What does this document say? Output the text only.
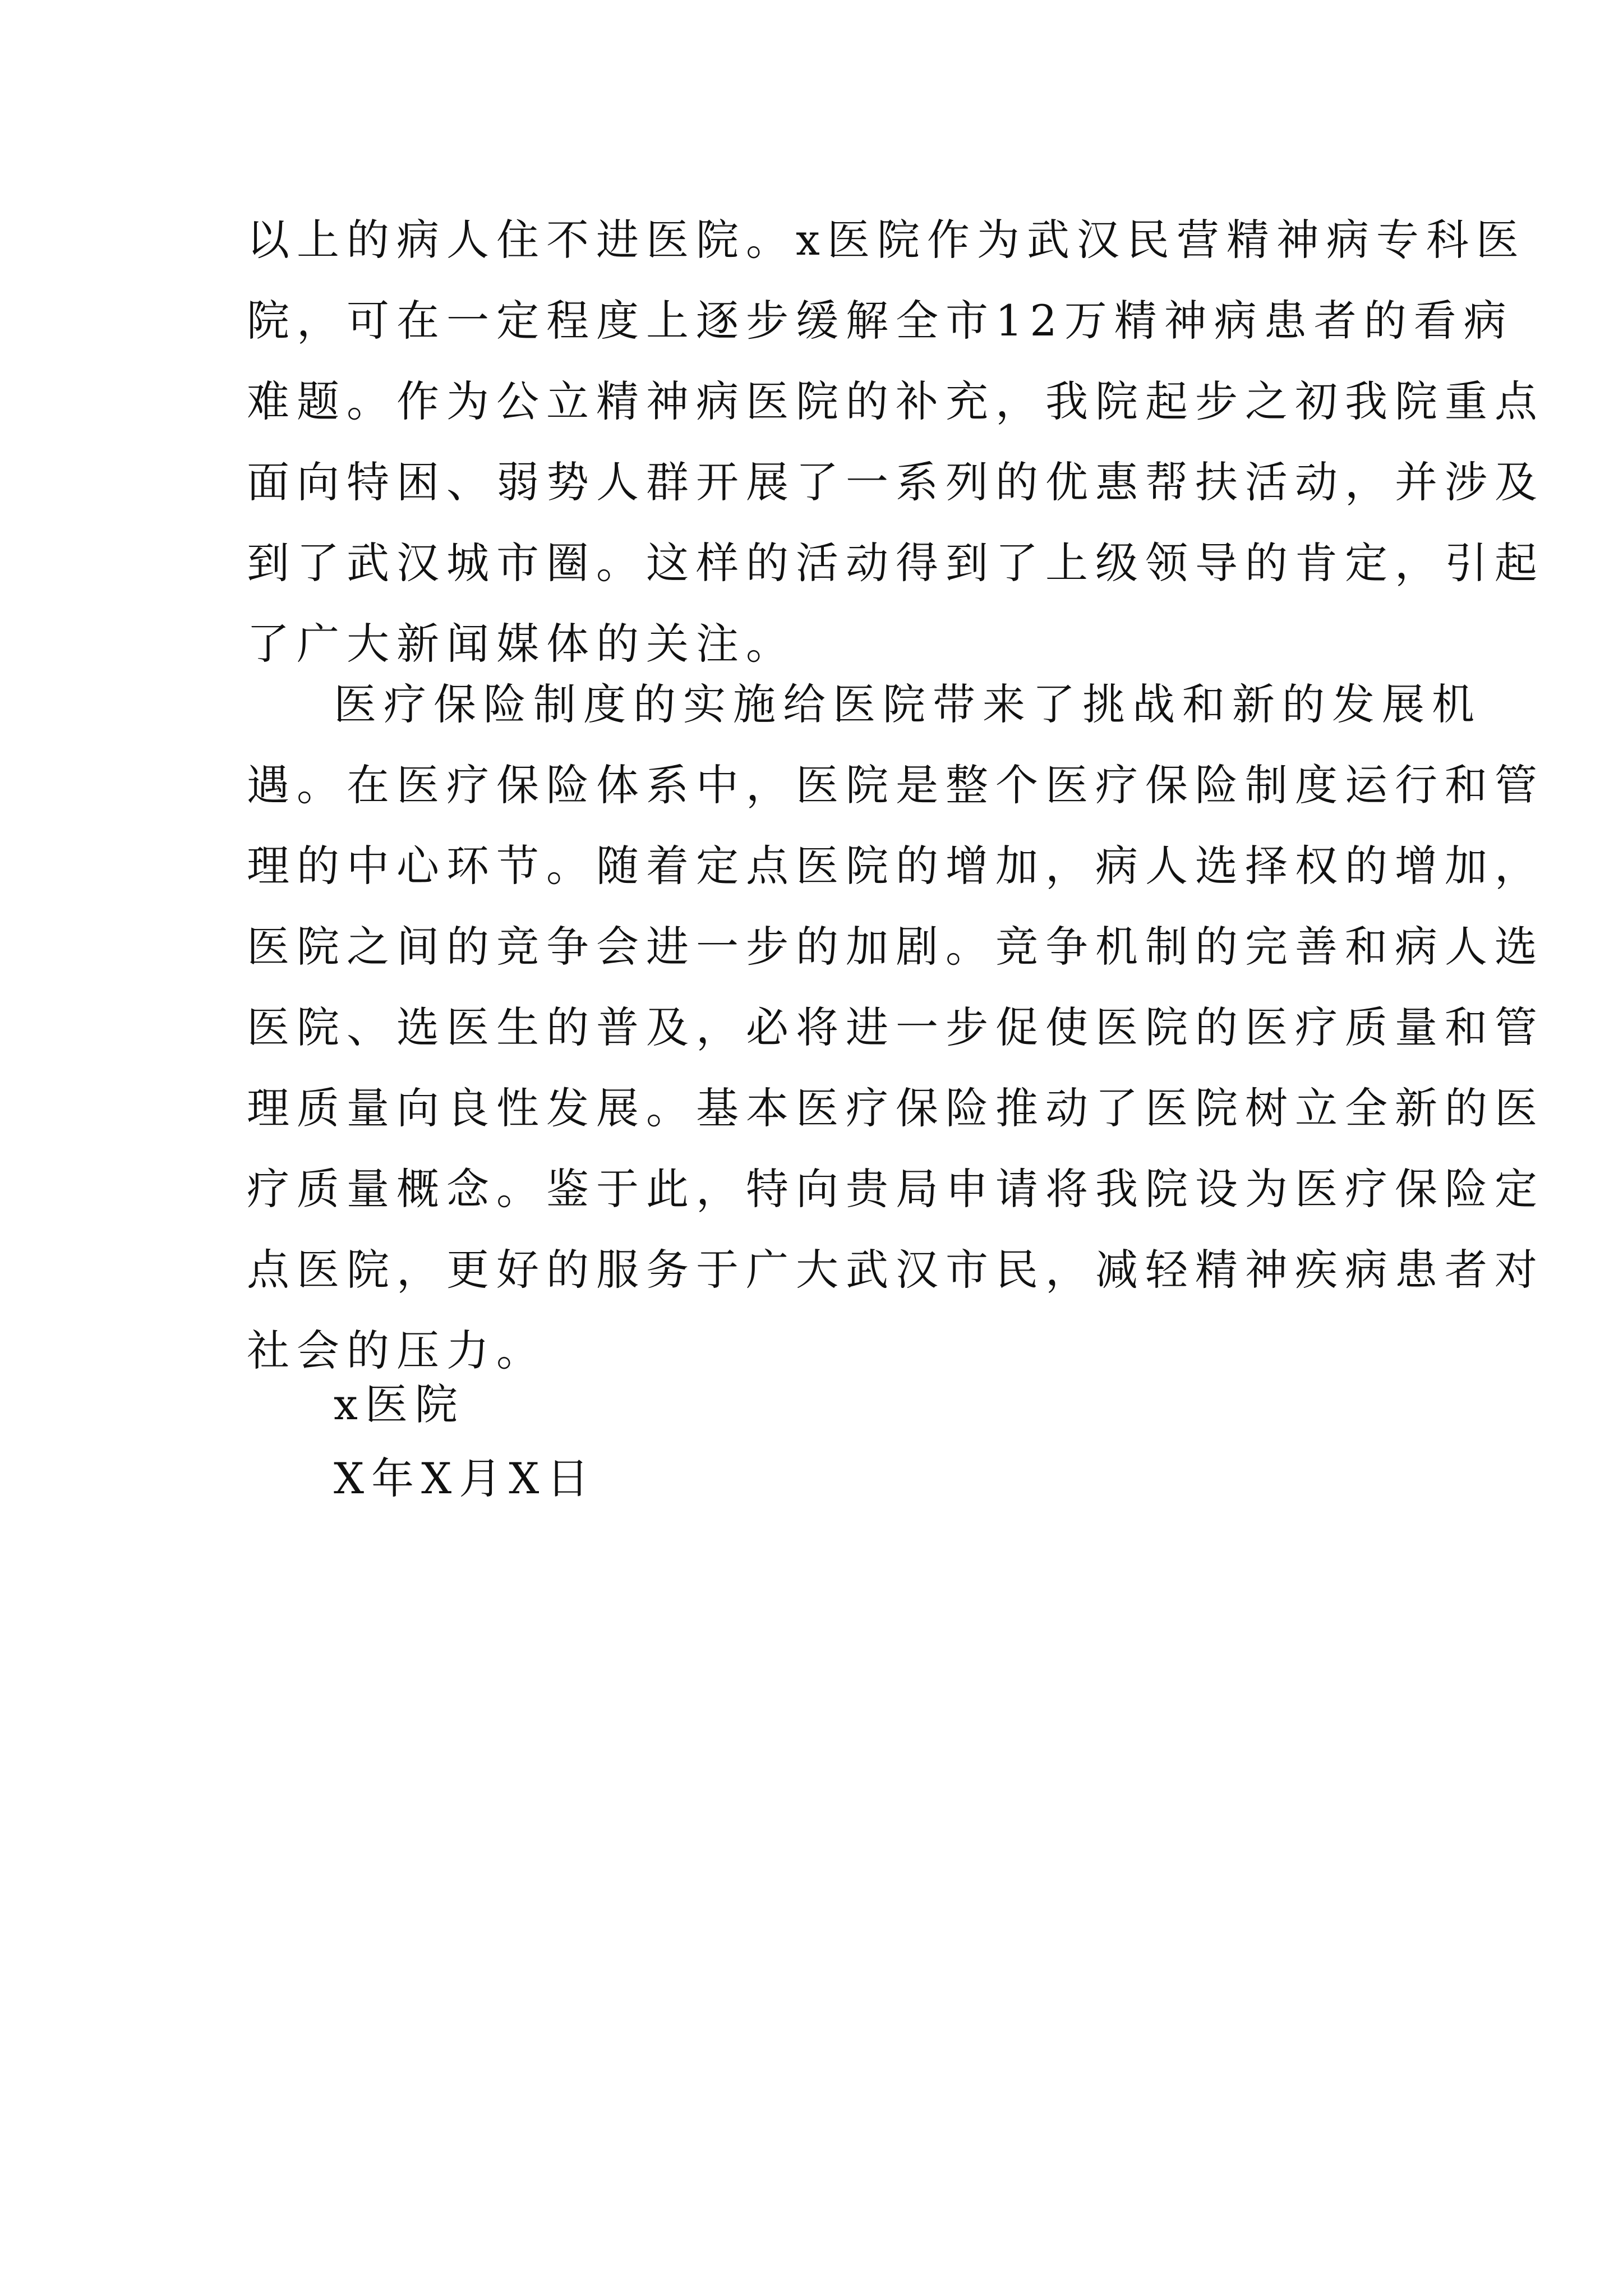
以上的病人住不进医院。x医院作为武汉民营精神病专科医
院，可在一定程度上逐步缓解全市12万精神病患者的看病
难题。作为公立精神病医院的补充，我院起步之初我院重点
面向特困、弱势人群开展了一系列的优惠帮扶活动，并涉及
到了武汉城市圈。这样的活动得到了上级领导的肯定，引起
了广大新闻媒体的关注。
医疗保险制度的实施给医院带来了挑战和新的发展机
遇。在医疗保险体系中，医院是整个医疗保险制度运行和管
理的中心环节。随着定点医院的增加，病人选择权的增加，
医院之间的竞争会进一步的加剧。竞争机制的完善和病人选
医院、选医生的普及，必将进一步促使医院的医疗质量和管
理质量向良性发展。基本医疗保险推动了医院树立全新的医
疗质量概念。鉴于此，特向贵局申请将我院设为医疗保险定
点医院，更好的服务于广大武汉市民，减轻精神疾病患者对
社会的压力。
x医院
X年X月X日
